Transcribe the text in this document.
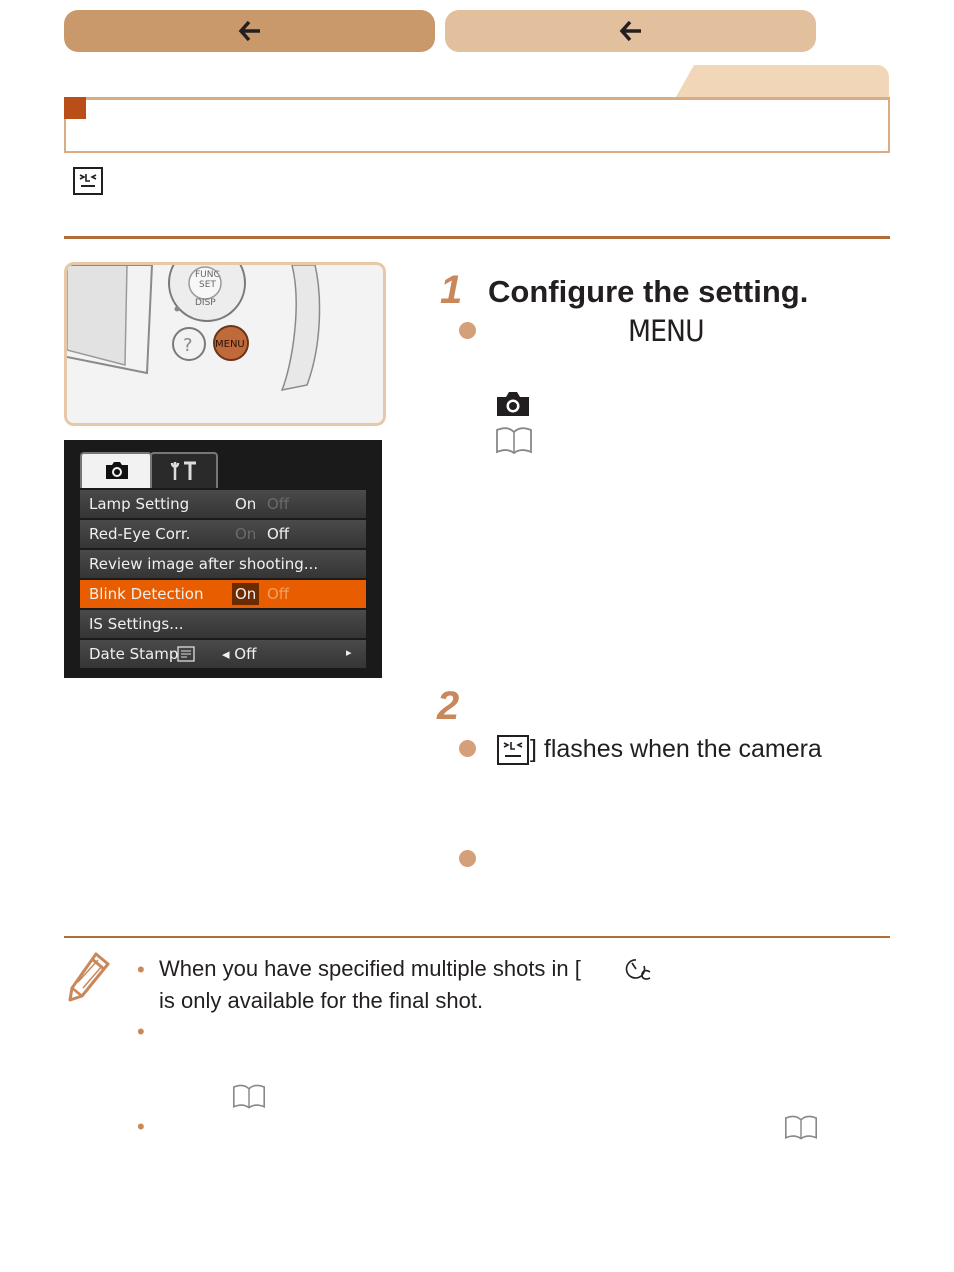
FUNC
SET
DISP
? MENU
Lamp Setting	On Off
Red-Eye Corr.	On Off
Review image after shooting...
Blink Detection On Off
IS Settings...
Date Stamp	◂ Off	▸
1 Configure the setting.
MENU
2
] flashes when the camera
• When you have specified multiple shots in [
is only available for the final shot.
•
•
